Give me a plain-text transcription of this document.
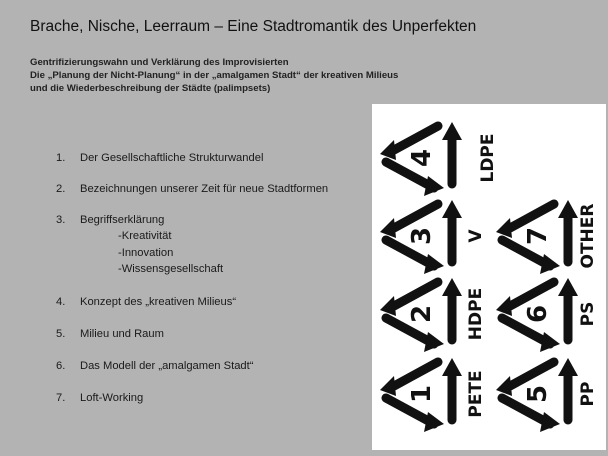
Brache, Nische, Leerraum – Eine Stadtromantik des Unperfekten
Gentrifizierungswahn und Verklärung des Improvisierten
Die „Planung der Nicht-Planung“ in der „amalgamen Stadt“ der kreativen Milieus
und die Wiederbeschreibung der Städte (palimpsets)
1. Der Gesellschaftliche Strukturwandel
2. Bezeichnungen unserer Zeit für neue Stadtformen
3. Begriffserklärung
-Kreativität
-Innovation
-Wissensgesellschaft
4. Konzept des „kreativen Milieus“
5. Milieu und Raum
6. Das Modell der „amalgamen Stadt“
7. Loft-Working
4 LDPE
3 V
2 HDPE
1 PETE
7 OTHER
6 PS
5 PP
